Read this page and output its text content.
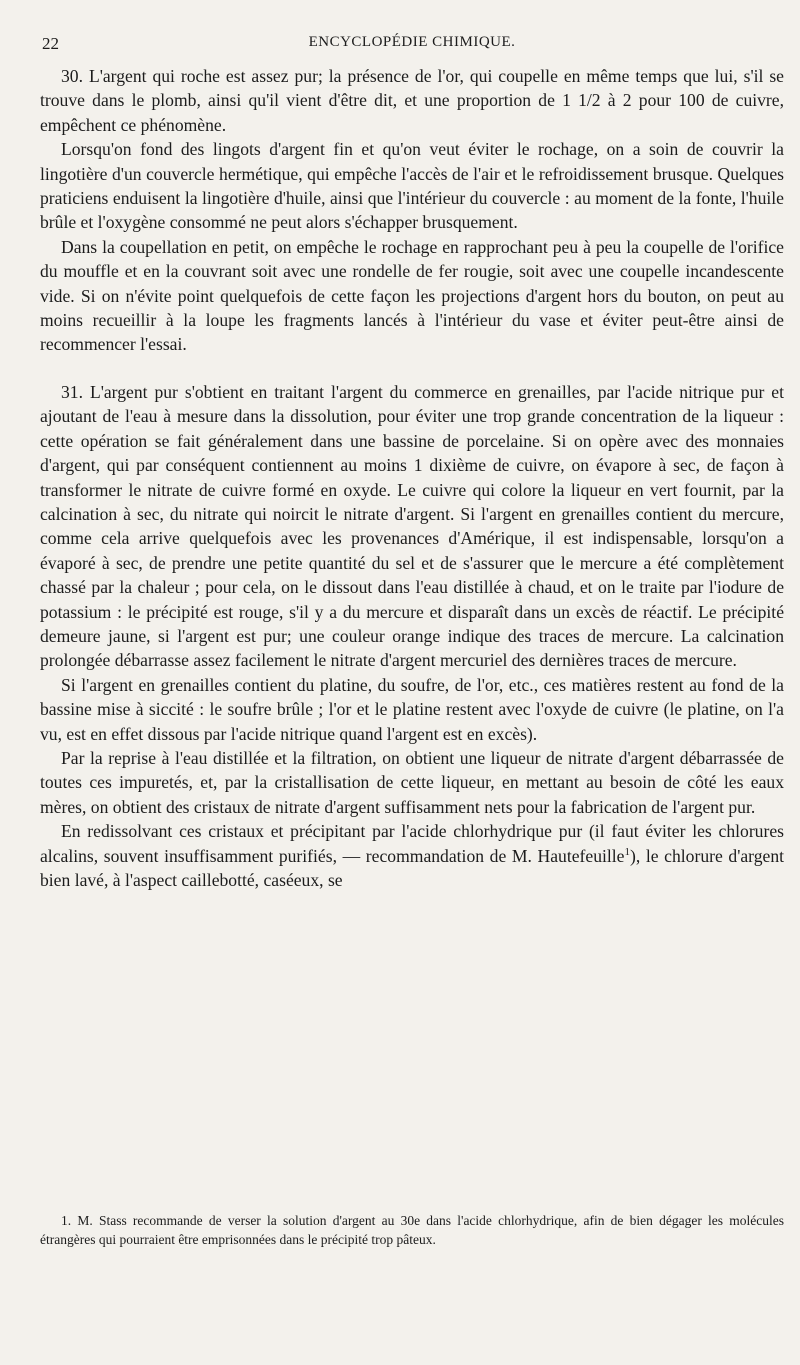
22	ENCYCLOPÉDIE CHIMIQUE.

30. L'argent qui roche est assez pur; la présence de l'or, qui coupelle en même temps que lui, s'il se trouve dans le plomb, ainsi qu'il vient d'être dit, et une proportion de 1 1/2 à 2 pour 100 de cuivre, empêchent ce phénomène.

Lorsqu'on fond des lingots d'argent fin et qu'on veut éviter le rochage, on a soin de couvrir la lingotière d'un couvercle hermétique, qui empêche l'accès de l'air et le refroidissement brusque. Quelques praticiens enduisent la lingotière d'huile, ainsi que l'intérieur du couvercle : au moment de la fonte, l'huile brûle et l'oxygène consommé ne peut alors s'échapper brusquement.

Dans la coupellation en petit, on empêche le rochage en rapprochant peu à peu la coupelle de l'orifice du mouffle et en la couvrant soit avec une rondelle de fer rougie, soit avec une coupelle incandescente vide. Si on n'évite point quelquefois de cette façon les projections d'argent hors du bouton, on peut au moins recueillir à la loupe les fragments lancés à l'intérieur du vase et éviter peut-être ainsi de recommencer l'essai.

31. L'argent pur s'obtient en traitant l'argent du commerce en grenailles, par l'acide nitrique pur et ajoutant de l'eau à mesure dans la dissolution, pour éviter une trop grande concentration de la liqueur : cette opération se fait généralement dans une bassine de porcelaine. Si on opère avec des monnaies d'argent, qui par conséquent contiennent au moins 1 dixième de cuivre, on évapore à sec, de façon à transformer le nitrate de cuivre formé en oxyde. Le cuivre qui colore la liqueur en vert fournit, par la calcination à sec, du nitrate qui noircit le nitrate d'argent. Si l'argent en grenailles contient du mercure, comme cela arrive quelquefois avec les provenances d'Amérique, il est indispensable, lorsqu'on a évaporé à sec, de prendre une petite quantité du sel et de s'assurer que le mercure a été complètement chassé par la chaleur ; pour cela, on le dissout dans l'eau distillée à chaud, et on le traite par l'iodure de potassium : le précipité est rouge, s'il y a du mercure et disparaît dans un excès de réactif. Le précipité demeure jaune, si l'argent est pur; une couleur orange indique des traces de mercure. La calcination prolongée débarrasse assez facilement le nitrate d'argent mercuriel des dernières traces de mercure.

Si l'argent en grenailles contient du platine, du soufre, de l'or, etc., ces matières restent au fond de la bassine mise à siccité : le soufre brûle ; l'or et le platine restent avec l'oxyde de cuivre (le platine, on l'a vu, est en effet dissous par l'acide nitrique quand l'argent est en excès).

Par la reprise à l'eau distillée et la filtration, on obtient une liqueur de nitrate d'argent débarrassée de toutes ces impuretés, et, par la cristallisation de cette liqueur, en mettant au besoin de côté les eaux mères, on obtient des cristaux de nitrate d'argent suffisamment nets pour la fabrication de l'argent pur.

En redissolvant ces cristaux et précipitant par l'acide chlorhydrique pur (il faut éviter les chlorures alcalins, souvent insuffisamment purifiés, — recommandation de M. Hautefeuille$^1$), le chlorure d'argent bien lavé, à l'aspect caillebotté, caséeux, se

1. M. Stass recommande de verser la solution d'argent au 30e dans l'acide chlorhydrique, afin de bien dégager les molécules étrangères qui pourraient être emprisonnées dans le précipité trop pâteux.
